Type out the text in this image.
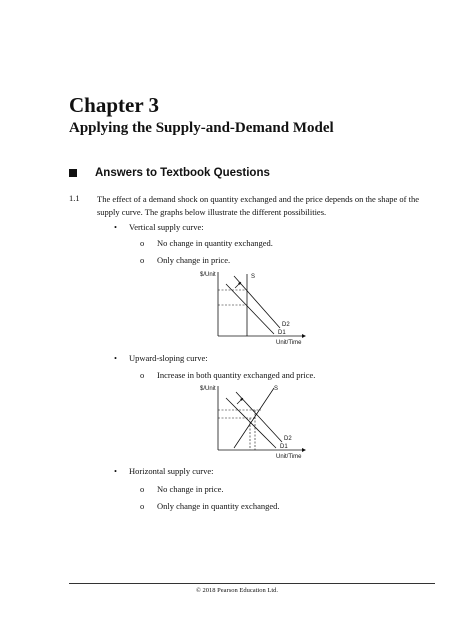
Chapter 3
Applying the Supply-and-Demand Model
Answers to Textbook Questions
1.1 The effect of a demand shock on quantity exchanged and the price depends on the shape of the supply curve. The graphs below illustrate the different possibilities.
•	Vertical supply curve:
o	No change in quantity exchanged.
o	Only change in price.
$/Unit	S
D2
D1
Unit/Time
•	Upward-sloping curve:
o	Increase in both quantity exchanged and price.
$/Unit	S
D2
D1
Unit/Time
•	Horizontal supply curve:
o	No change in price.
o	Only change in quantity exchanged.
© 2018 Pearson Education Ltd.
